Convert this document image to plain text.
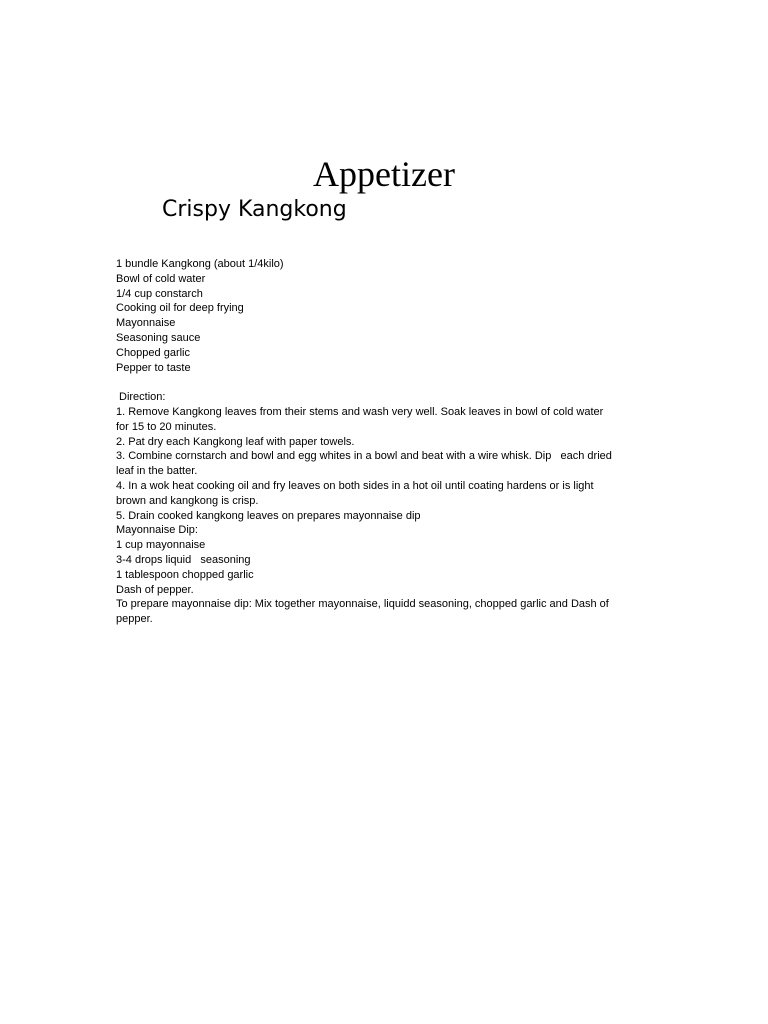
Appetizer
Crispy Kangkong
1 bundle Kangkong (about 1/4kilo)
Bowl of cold water
1/4 cup constarch
Cooking oil for deep frying
Mayonnaise
Seasoning sauce
Chopped garlic
Pepper to taste
Direction:
1. Remove Kangkong leaves from their stems and wash very well. Soak leaves in bowl of cold water
for 15 to 20 minutes.
2. Pat dry each Kangkong leaf with paper towels.
3. Combine cornstarch and bowl and egg whites in a bowl and beat with a wire whisk. Dip   each dried
leaf in the batter.
4. In a wok heat cooking oil and fry leaves on both sides in a hot oil until coating hardens or is light
brown and kangkong is crisp.
5. Drain cooked kangkong leaves on prepares mayonnaise dip
Mayonnaise Dip:
1 cup mayonnaise
3-4 drops liquid   seasoning
1 tablespoon chopped garlic
Dash of pepper.
To prepare mayonnaise dip: Mix together mayonnaise, liquidd seasoning, chopped garlic and Dash of
pepper.
